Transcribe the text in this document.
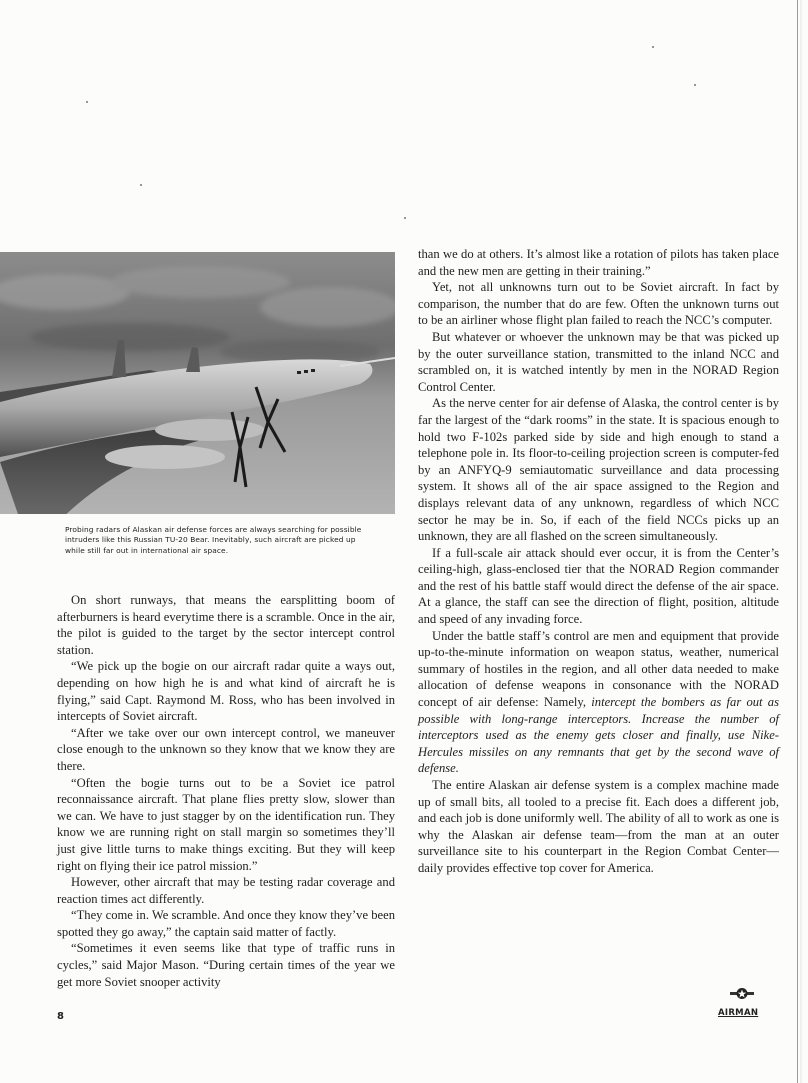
Probing radars of Alaskan air defense forces are always searching for possible intruders like this Russian TU-20 Bear. Inevitably, such aircraft are picked up while still far out in international air space.

On short runways, that means the earsplitting boom of afterburners is heard everytime there is a scramble. Once in the air, the pilot is guided to the target by the sector intercept control station.

“We pick up the bogie on our aircraft radar quite a ways out, depending on how high he is and what kind of aircraft he is flying,” said Capt. Raymond M. Ross, who has been involved in intercepts of Soviet aircraft.

“After we take over our own intercept control, we maneuver close enough to the unknown so they know that we know they are there.

“Often the bogie turns out to be a Soviet ice patrol reconnaissance aircraft. That plane flies pretty slow, slower than we can. We have to just stagger by on the identification run. They know we are running right on stall margin so sometimes they’ll just give little turns to make things exciting. But they will keep right on flying their ice patrol mission.”

However, other aircraft that may be testing radar coverage and reaction times act differently.

“They come in. We scramble. And once they know they’ve been spotted they go away,” the captain said matter of factly.

“Sometimes it even seems like that type of traffic runs in cycles,” said Major Mason. “During certain times of the year we get more Soviet snooper activity

than we do at others. It’s almost like a rotation of pilots has taken place and the new men are getting in their training.”

Yet, not all unknowns turn out to be Soviet aircraft. In fact by comparison, the number that do are few. Often the unknown turns out to be an airliner whose flight plan failed to reach the NCC’s computer.

But whatever or whoever the unknown may be that was picked up by the outer surveillance station, transmitted to the inland NCC and scrambled on, it is watched intently by men in the NORAD Region Control Center.

As the nerve center for air defense of Alaska, the control center is by far the largest of the “dark rooms” in the state. It is spacious enough to hold two F-102s parked side by side and high enough to stand a telephone pole in. Its floor-to-ceiling projection screen is computer-fed by an ANFYQ-9 semiautomatic surveillance and data processing system. It shows all of the air space assigned to the Region and displays relevant data of any unknown, regardless of which NCC sector he may be in. So, if each of the field NCCs picks up an unknown, they are all flashed on the screen simultaneously.

If a full-scale air attack should ever occur, it is from the Center’s ceiling-high, glass-enclosed tier that the NORAD Region commander and the rest of his battle staff would direct the defense of the air space. At a glance, the staff can see the direction of flight, position, altitude and speed of any invading force.

Under the battle staff’s control are men and equipment that provide up-to-the-minute information on weapon status, weather, numerical summary of hostiles in the region, and all other data needed to make allocation of defense weapons in consonance with the NORAD concept of air defense: Namely, intercept the bombers as far out as possible with long-range interceptors. Increase the number of interceptors used as the enemy gets closer and finally, use Nike-Hercules missiles on any remnants that get by the second wave of defense.

The entire Alaskan air defense system is a complex machine made up of small bits, all tooled to a precise fit. Each does a different job, and each job is done uniformly well. The ability of all to work as one is why the Alaskan air defense team—from the man at an outer surveillance site to his counterpart in the Region Combat Center—daily provides effective top cover for America.

8	AIRMAN
